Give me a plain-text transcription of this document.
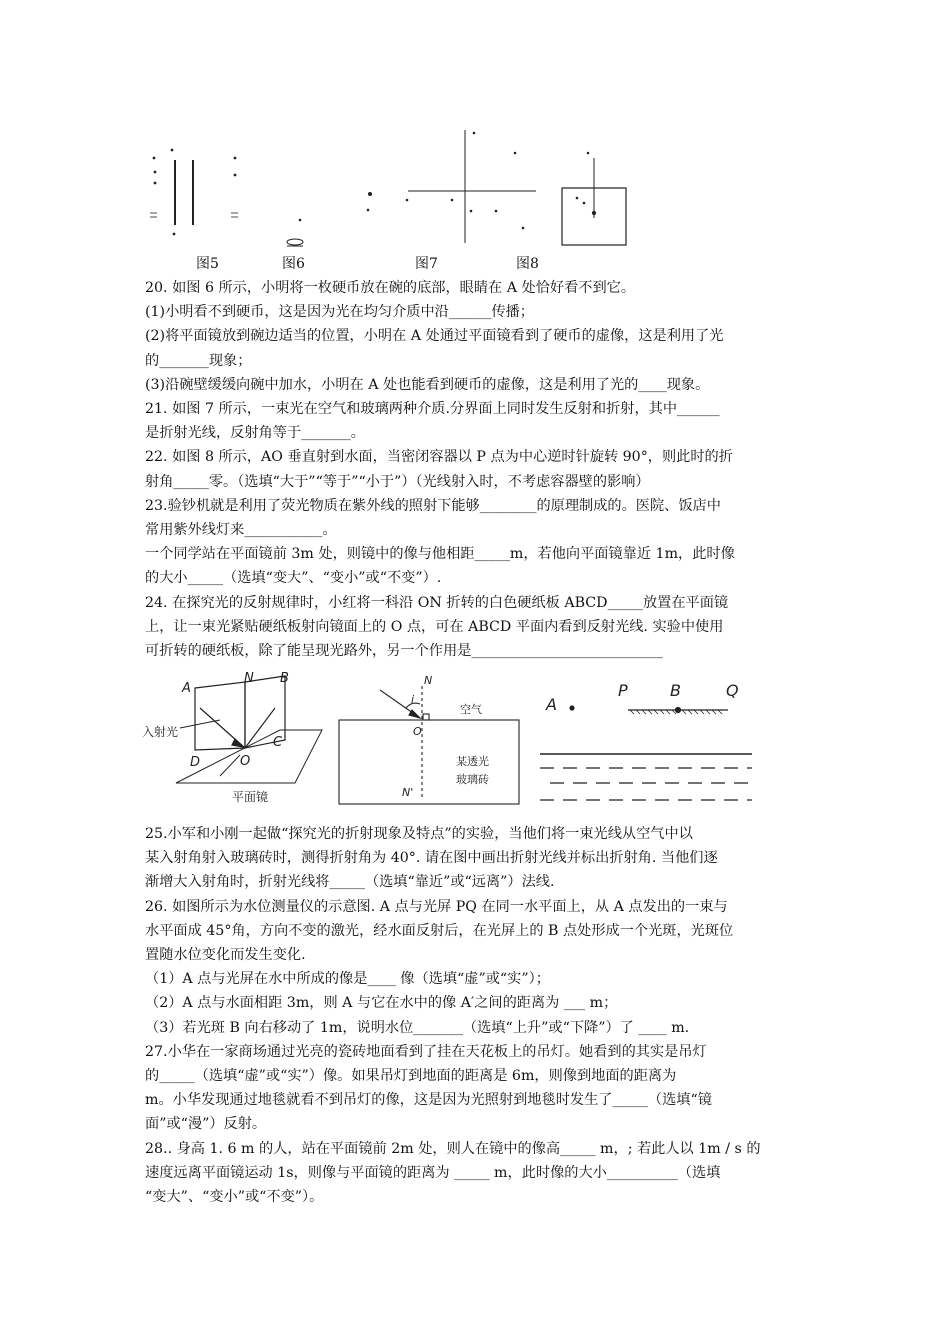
图5	图6	图7	图8

20. 如图 6 所示，小明将一枚硬币放在碗的底部，眼睛在 A 处恰好看不到它。

(1)小明看不到硬币，这是因为光在均匀介质中沿______传播；

(2)将平面镜放到碗边适当的位置，小明在 A 处通过平面镜看到了硬币的虚像，这是利用了光

的_______现象；

(3)沿碗壁缓缓向碗中加水，小明在 A 处也能看到硬币的虚像，这是利用了光的____现象。

21. 如图 7 所示，一束光在空气和玻璃两种介质.分界面上同时发生反射和折射，其中______

是折射光线，反射角等于_______。

22. 如图 8 所示，AO 垂直射到水面，当密闭容器以 P 点为中心逆时针旋转 90°，则此时的折

射角_____零。（选填“大于”“等于”“小于”）（光线射入时，不考虑容器壁的影响）

23.验钞机就是利用了荧光物质在紫外线的照射下能够________的原理制成的。医院、饭店中

常用紫外线灯来___________。

一个同学站在平面镜前 3m 处，则镜中的像与他相距_____m，若他向平面镜靠近 1m，此时像

的大小_____（选填“变大”、“变小”或“不变”）.

24. 在探究光的反射规律时，小红将一科沿 ON 折转的白色硬纸板 ABCD_____放置在平面镜

上，让一束光紧贴硬纸板射向镜面上的 O 点，可在 ABCD 平面内看到反射光线. 实验中使用

可折转的硬纸板，除了能呈现光路外，另一个作用是___________________________

A
N B
C
D	O
入射光
平面镜
N
i
O
N'
空气
某透光
玻璃砖
A
P	B	Q

25.小军和小刚一起做“探究光的折射现象及特点”的实验，当他们将一束光线从空气中以

某入射角射入玻璃砖时，测得折射角为 40°. 请在图中画出折射光线并标出折射角. 当他们逐

渐增大入射角时，折射光线将_____（选填“靠近”或“远离”）法线.

26. 如图所示为水位测量仪的示意图. A 点与光屏 PQ 在同一水平面上，从 A 点发出的一束与

水平面成 45°角，方向不变的激光，经水面反射后，在光屏上的 B 点处形成一个光斑，光斑位

置随水位变化而发生变化.

（1）A 点与光屏在水中所成的像是____ 像（选填“虚”或“实”）；

（2）A 点与水面相距 3m，则 A 与它在水中的像 A′之间的距离为 ___ m；

（3）若光斑 B 向右移动了 1m，说明水位_______（选填“上升”或“下降”）了 ____ m.

27.小华在一家商场通过光亮的瓷砖地面看到了挂在天花板上的吊灯。她看到的其实是吊灯

的_____（选填“虚”或“实”）像。如果吊灯到地面的距离是 6m，则像到地面的距离为

m。小华发现通过地毯就看不到吊灯的像，这是因为光照射到地毯时发生了_____（选填“镜

面”或“漫”）反射。

28.. 身高 1. 6 m 的人，站在平面镜前 2m 处，则人在镜中的像高_____ m，; 若此人以 1m / s 的

速度远离平面镜运动 1s，则像与平面镜的距离为 _____ m，此时像的大小__________（选填

“变大”、“变小”或“不变”）。
